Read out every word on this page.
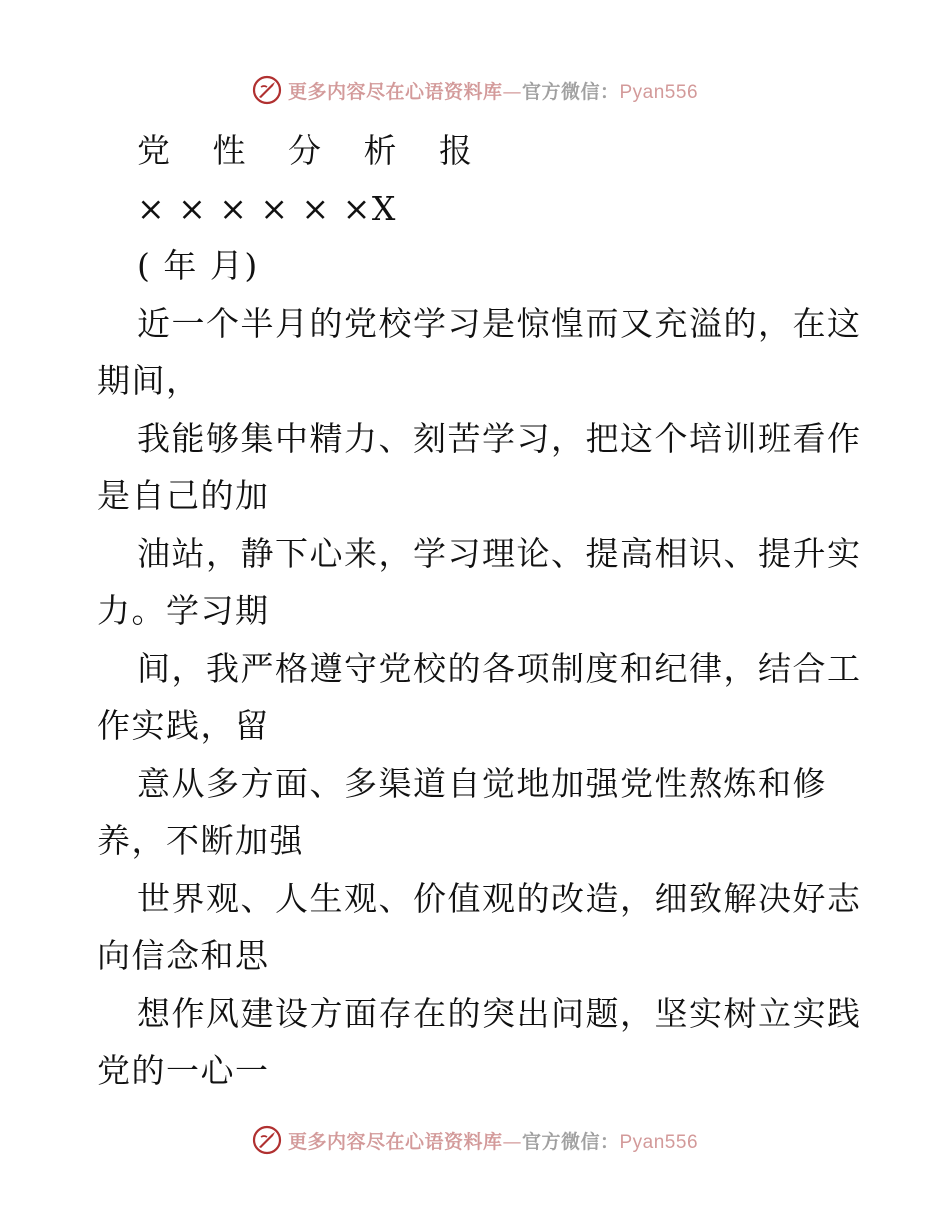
更多内容尽在心语资料库—官方微信：Pyan556
党 性 分 析 报
× × × × × ×X
( 年 月)
近一个半月的党校学习是惊惶而又充溢的，在这
期间，
我能够集中精力、刻苦学习，把这个培训班看作
是自己的加
油站，静下心来，学习理论、提高相识、提升实
力。学习期
间，我严格遵守党校的各项制度和纪律，结合工
作实践，留
意从多方面、多渠道自觉地加强党性熬炼和修
养，不断加强
世界观、人生观、价值观的改造，细致解决好志
向信念和思
想作风建设方面存在的突出问题，坚实树立实践
党的一心一
更多内容尽在心语资料库—官方微信：Pyan556
